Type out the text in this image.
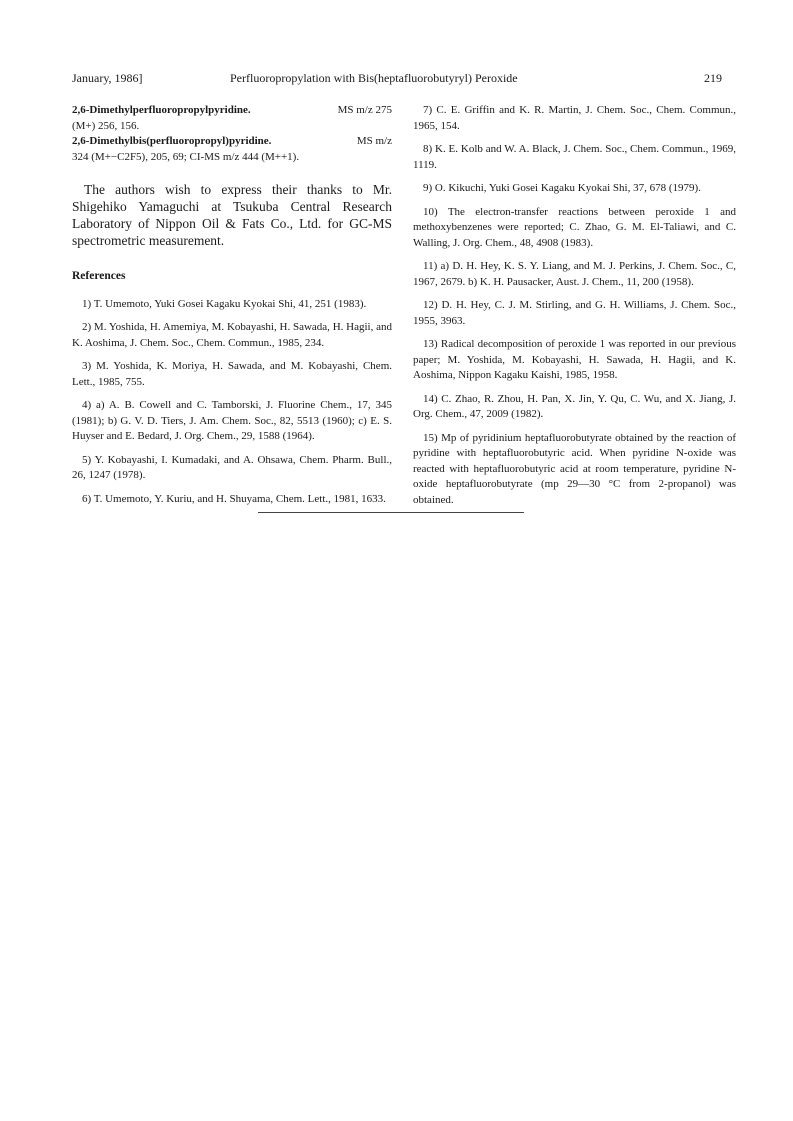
January, 1986]	Perfluoropropylation with Bis(heptafluorobutyryl) Peroxide	219

2,6-Dimethylperfluoropropylpyridine.	MS m/z 275

(M+) 256, 156.

2,6-Dimethylbis(perfluoropropyl)pyridine.	MS m/z

324 (M+−C2F5), 205, 69; CI-MS m/z 444 (M++1).

The authors wish to express their thanks to Mr. Shigehiko Yamaguchi at Tsukuba Central Research Laboratory of Nippon Oil & Fats Co., Ltd. for GC-MS spectrometric measurement.

References

1) T. Umemoto, Yuki Gosei Kagaku Kyokai Shi, 41, 251 (1983).

2) M. Yoshida, H. Amemiya, M. Kobayashi, H. Sawada, H. Hagii, and K. Aoshima, J. Chem. Soc., Chem. Commun., 1985, 234.

3) M. Yoshida, K. Moriya, H. Sawada, and M. Kobayashi, Chem. Lett., 1985, 755.

4) a) A. B. Cowell and C. Tamborski, J. Fluorine Chem., 17, 345 (1981); b) G. V. D. Tiers, J. Am. Chem. Soc., 82, 5513 (1960); c) E. S. Huyser and E. Bedard, J. Org. Chem., 29, 1588 (1964).

5) Y. Kobayashi, I. Kumadaki, and A. Ohsawa, Chem. Pharm. Bull., 26, 1247 (1978).

6) T. Umemoto, Y. Kuriu, and H. Shuyama, Chem. Lett., 1981, 1633.

7) C. E. Griffin and K. R. Martin, J. Chem. Soc., Chem. Commun., 1965, 154.

8) K. E. Kolb and W. A. Black, J. Chem. Soc., Chem. Commun., 1969, 1119.

9) O. Kikuchi, Yuki Gosei Kagaku Kyokai Shi, 37, 678 (1979).

10) The electron-transfer reactions between peroxide 1 and methoxybenzenes were reported; C. Zhao, G. M. El-Taliawi, and C. Walling, J. Org. Chem., 48, 4908 (1983).

11) a) D. H. Hey, K. S. Y. Liang, and M. J. Perkins, J. Chem. Soc., C, 1967, 2679. b) K. H. Pausacker, Aust. J. Chem., 11, 200 (1958).

12) D. H. Hey, C. J. M. Stirling, and G. H. Williams, J. Chem. Soc., 1955, 3963.

13) Radical decomposition of peroxide 1 was reported in our previous paper; M. Yoshida, M. Kobayashi, H. Sawada, H. Hagii, and K. Aoshima, Nippon Kagaku Kaishi, 1985, 1958.

14) C. Zhao, R. Zhou, H. Pan, X. Jin, Y. Qu, C. Wu, and X. Jiang, J. Org. Chem., 47, 2009 (1982).

15) Mp of pyridinium heptafluorobutyrate obtained by the reaction of pyridine with heptafluorobutyric acid. When pyridine N-oxide was reacted with heptafluorobutyric acid at room temperature, pyridine N-oxide heptafluorobutyrate (mp 29—30 °C from 2-propanol) was obtained.
